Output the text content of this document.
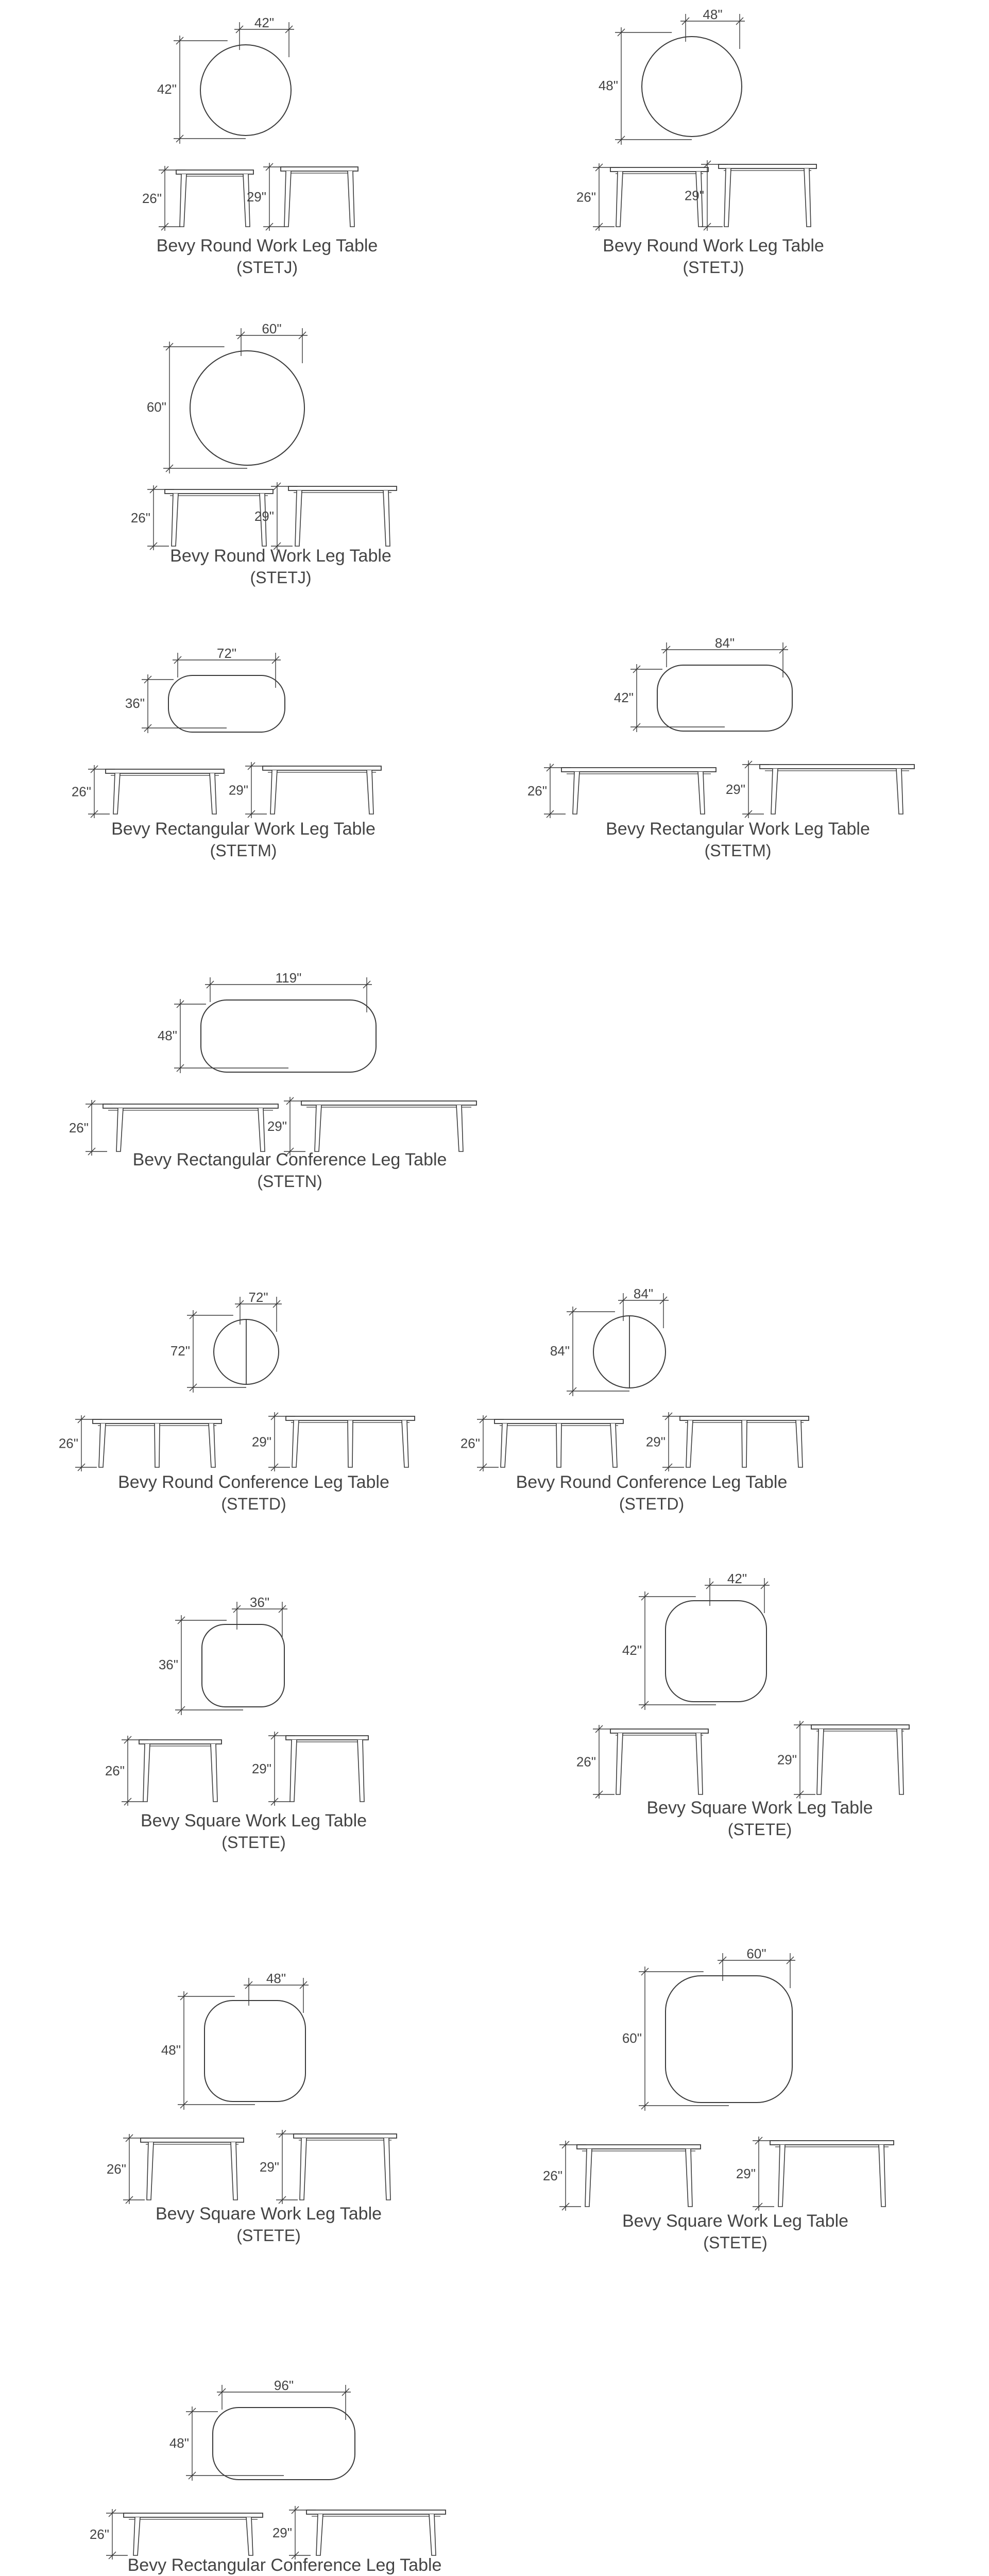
42"
42"
26"	29"
Bevy Round Work Leg Table
(STETJ)
48"
48"
26"	29"
Bevy Round Work Leg Table
(STETJ)
60"
60"
26"	29"
Bevy Round Work Leg Table
(STETJ)
72"
36"
26"	29"
Bevy Rectangular Work Leg Table
(STETM)
84"
42"
26"	29"
Bevy Rectangular Work Leg Table
(STETM)
119"
48"
26"	29"
Bevy Rectangular Conference Leg Table
(STETN)
72"
72"
26"	29"
Bevy Round Conference Leg Table
(STETD)
84"
84"
26"	29"
Bevy Round Conference Leg Table
(STETD)
36"
36"
26"	29"
Bevy Square Work Leg Table
(STETE)
42"
42"
26"	29"
Bevy Square Work Leg Table
(STETE)
48"
48"
26"	29"
Bevy Square Work Leg Table
(STETE)
60"
60"
26"	29"
Bevy Square Work Leg Table
(STETE)
96"
48"
26"	29"
Bevy Rectangular Conference Leg Table
